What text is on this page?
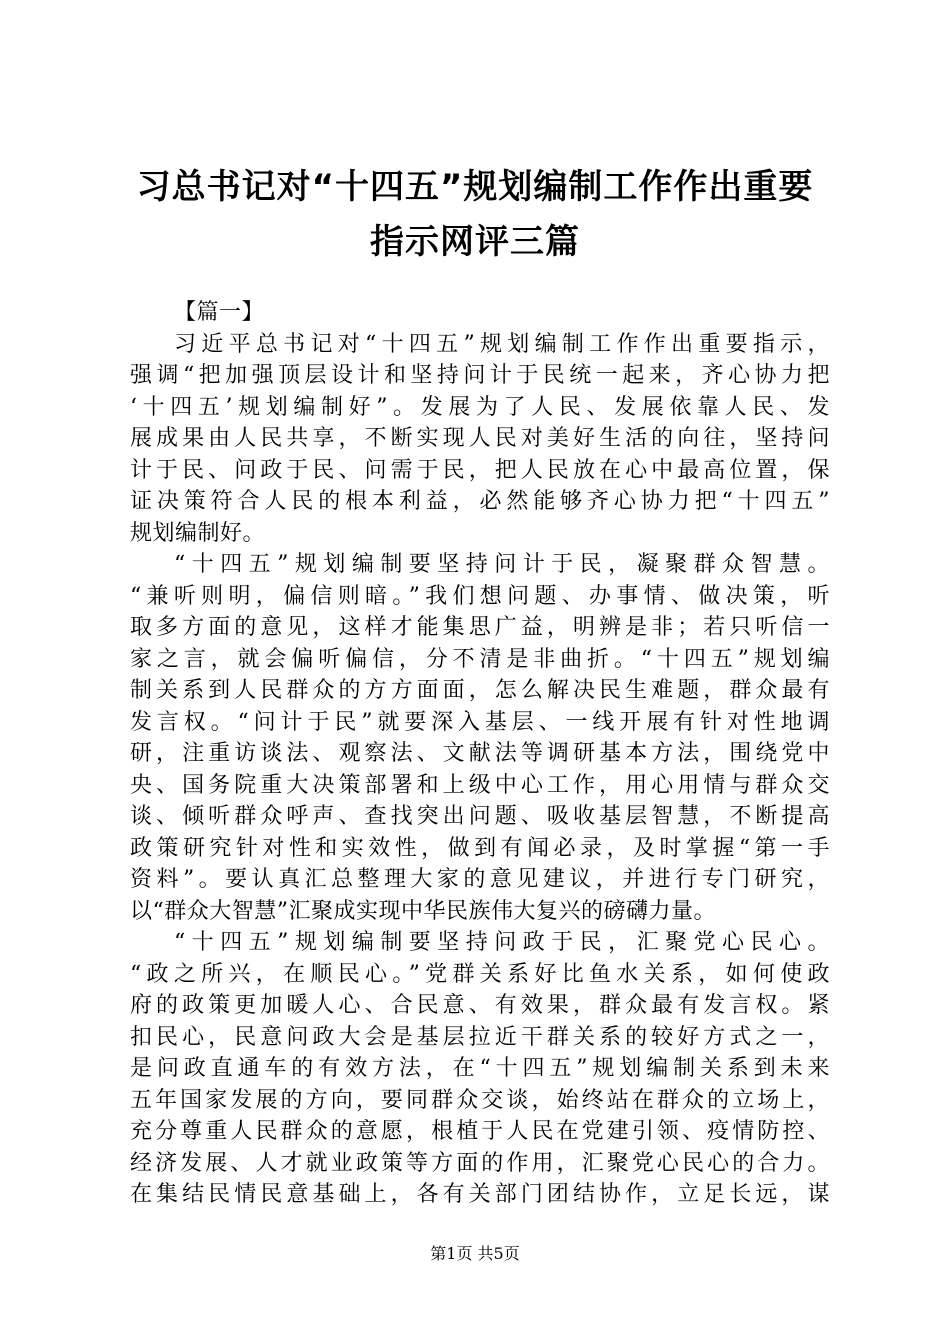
习总书记对“十四五”规划编制工作作出重要
指示网评三篇
【篇一】
习近平总书记对“十四五”规划编制工作作出重要指示，
强调“把加强顶层设计和坚持问计于民统一起来，齐心协力把
‘十四五’规划编制好”。发展为了人民、发展依靠人民、发
展成果由人民共享，不断实现人民对美好生活的向往，坚持问
计于民、问政于民、问需于民，把人民放在心中最高位置，保
证决策符合人民的根本利益，必然能够齐心协力把“十四五”
规划编制好。
“十四五”规划编制要坚持问计于民，凝聚群众智慧。
“兼听则明，偏信则暗。”我们想问题、办事情、做决策，听
取多方面的意见，这样才能集思广益，明辨是非；若只听信一
家之言，就会偏听偏信，分不清是非曲折。“十四五”规划编
制关系到人民群众的方方面面，怎么解决民生难题，群众最有
发言权。“问计于民”就要深入基层、一线开展有针对性地调
研，注重访谈法、观察法、文献法等调研基本方法，围绕党中
央、国务院重大决策部署和上级中心工作，用心用情与群众交
谈、倾听群众呼声、查找突出问题、吸收基层智慧，不断提高
政策研究针对性和实效性，做到有闻必录，及时掌握“第一手
资料”。要认真汇总整理大家的意见建议，并进行专门研究，
以“群众大智慧”汇聚成实现中华民族伟大复兴的磅礴力量。
“十四五”规划编制要坚持问政于民，汇聚党心民心。
“政之所兴，在顺民心。”党群关系好比鱼水关系，如何使政
府的政策更加暖人心、合民意、有效果，群众最有发言权。紧
扣民心，民意问政大会是基层拉近干群关系的较好方式之一，
是问政直通车的有效方法，在“十四五”规划编制关系到未来
五年国家发展的方向，要同群众交谈，始终站在群众的立场上，
充分尊重人民群众的意愿，根植于人民在党建引领、疫情防控、
经济发展、人才就业政策等方面的作用，汇聚党心民心的合力。
在集结民情民意基础上，各有关部门团结协作，立足长远，谋
第1页 共5页
